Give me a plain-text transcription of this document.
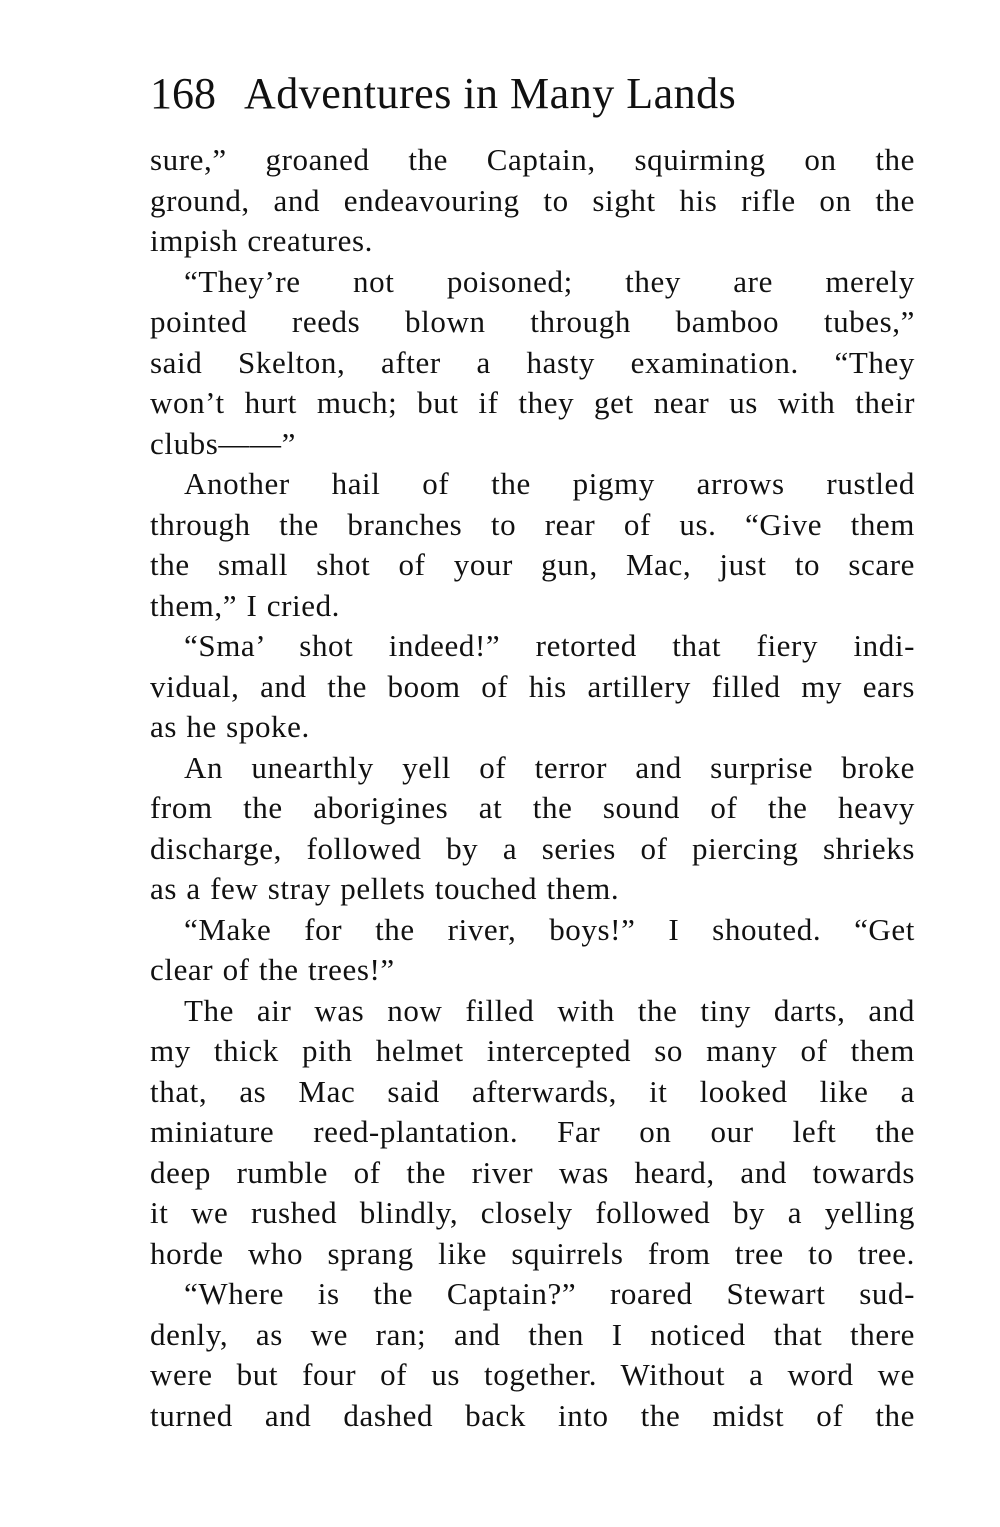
168 Adventures in Many Lands
sure,” groaned the Captain, squirming on the
ground, and endeavouring to sight his rifle on the
impish creatures.
“They’re not poisoned; they are merely
pointed reeds blown through bamboo tubes,”
said Skelton, after a hasty examination. “They
won’t hurt much; but if they get near us with their
clubs——”
Another hail of the pigmy arrows rustled
through the branches to rear of us. “Give them
the small shot of your gun, Mac, just to scare
them,” I cried.
“Sma’ shot indeed!” retorted that fiery indi-
vidual, and the boom of his artillery filled my ears
as he spoke.
An unearthly yell of terror and surprise broke
from the aborigines at the sound of the heavy
discharge, followed by a series of piercing shrieks
as a few stray pellets touched them.
“Make for the river, boys!” I shouted. “Get
clear of the trees!”
The air was now filled with the tiny darts, and
my thick pith helmet intercepted so many of them
that, as Mac said afterwards, it looked like a
miniature reed-plantation. Far on our left the
deep rumble of the river was heard, and towards
it we rushed blindly, closely followed by a yelling
horde who sprang like squirrels from tree to tree.
“Where is the Captain?” roared Stewart sud-
denly, as we ran; and then I noticed that there
were but four of us together. Without a word we
turned and dashed back into the midst of the
